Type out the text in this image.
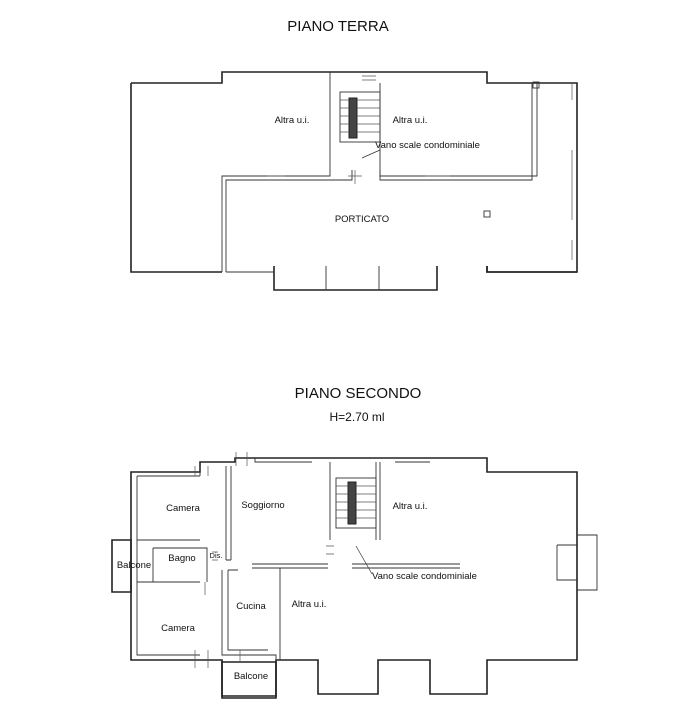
PIANO TERRA
Altra u.i.	Altra u.i.
Vano scale condominiale
PORTICATO
PIANO SECONDO
H=2.70 ml
Camera	Soggiorno	Altra u.i.
Bagno Dis.
Balcone
Vano scale condominiale
Cucina	Altra u.i.
Camera
Balcone
